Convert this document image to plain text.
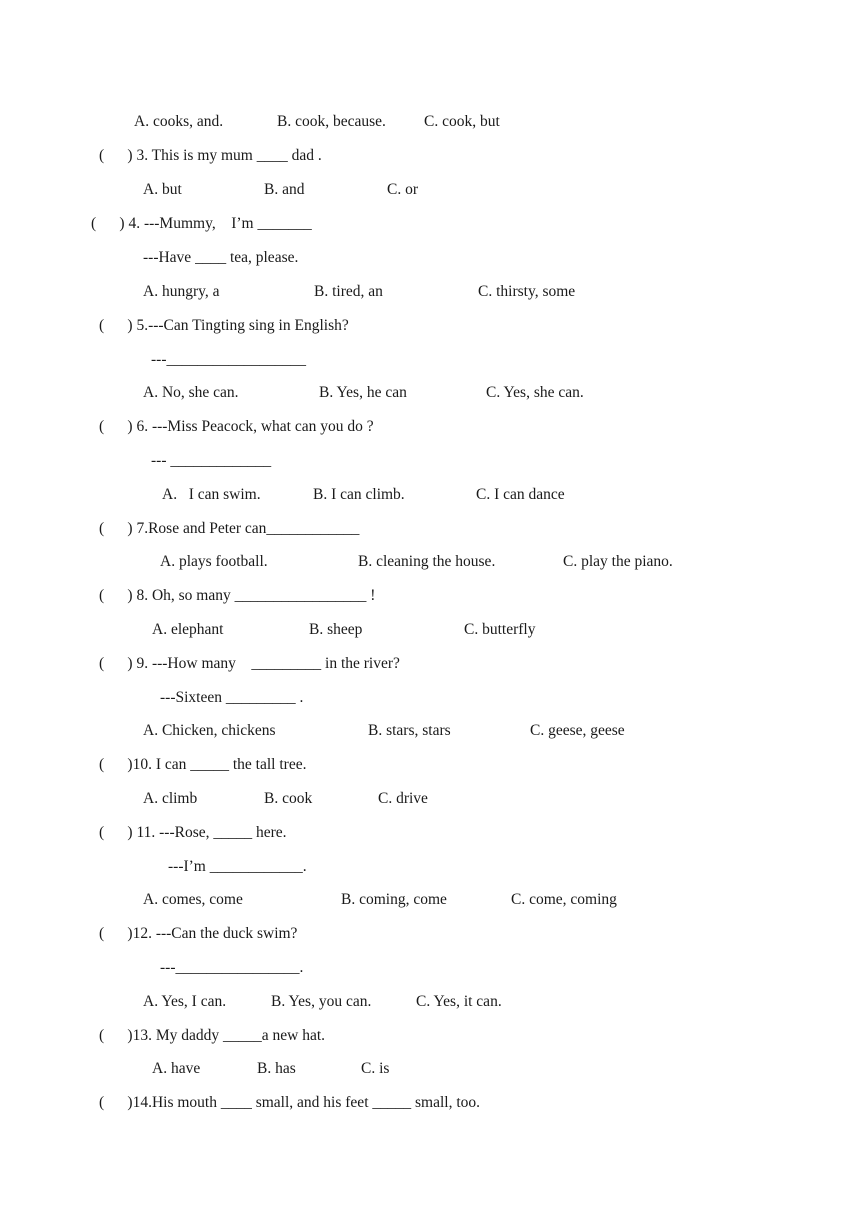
A. cooks, and.	B. cook, because. C. cook, but
(      ) 3. This is my mum ____ dad .
A. but	B. and	C. or
(      ) 4. ---Mummy,    I’m _______
---Have ____ tea, please.
A. hungry, a	B. tired, an	C. thirsty, some
(      ) 5.---Can Tingting sing in English?
---__________________
A. No, she can.	B. Yes, he can	C. Yes, she can.
(      ) 6. ---Miss Peacock, what can you do ?
--- _____________
A.   I can swim.	B. I can climb.	C. I can dance
(      ) 7.Rose and Peter can____________
A. plays football.	B. cleaning the house.	C. play the piano.
(      ) 8. Oh, so many _________________ !
A. elephant	B. sheep	C. butterfly
(      ) 9. ---How many    _________ in the river?
---Sixteen _________ .
A. Chicken, chickens	B. stars, stars	C. geese, geese
(      )10. I can _____ the tall tree.
A. climb	B. cook	C. drive
(      ) 11. ---Rose, _____ here.
---I’m ____________.
A. comes, come	B. coming, come	C. come, coming
(      )12. ---Can the duck swim?
---________________.
A. Yes, I can.	B. Yes, you can.	C. Yes, it can.
(      )13. My daddy _____a new hat.
A. have	B. has	C. is
(      )14.His mouth ____ small, and his feet _____ small, too.
